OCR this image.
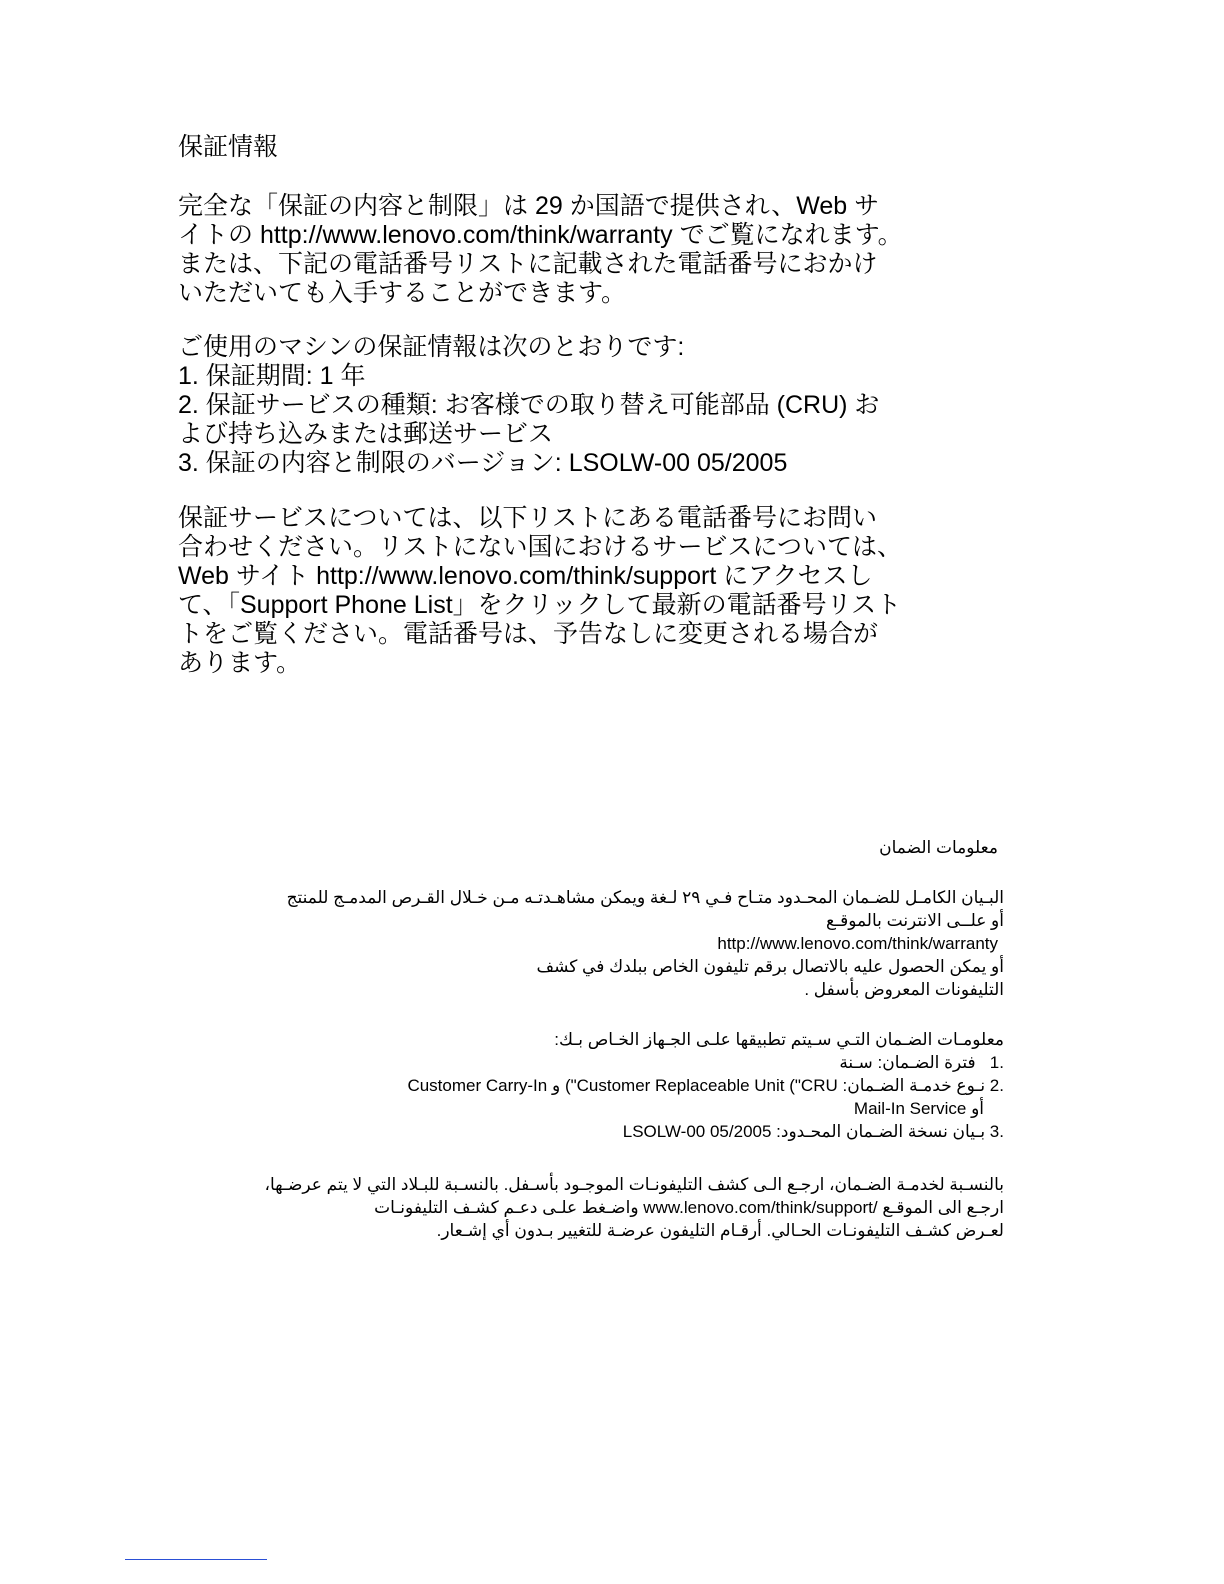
保証情報

完全な「保証の内容と制限」は 29 か国語で提供され、Web サ

イトの http://www.lenovo.com/think/warranty でご覧になれます。

または、下記の電話番号リストに記載された電話番号におかけ

いただいても入手することができます。

ご使用のマシンの保証情報は次のとおりです:

1. 保証期間: 1 年

2. 保証サービスの種類: お客様での取り替え可能部品 (CRU) お

よび持ち込みまたは郵送サービス

3. 保証の内容と制限のバージョン: LSOLW-00 05/2005

保証サービスについては、以下リストにある電話番号にお問い

合わせください。リストにない国におけるサービスについては、

Web サイト http://www.lenovo.com/think/support にアクセスし

て、「Support Phone List」をクリックして最新の電話番号リスト

トをご覧ください。電話番号は、予告なしに変更される場合が

あります。

معلومات الضمان

البـيان الكامـل للضـمان المحـدود متـاح فـي ٢٩ لـغة ويمكن مشاهـدتـه مـن خـلال القـرص المدمـج للمنتج

أو علــى الانترنت بالموقـع

http://www.lenovo.com/think/warranty

أو يمكن الحصول عليه بالاتصال برقم تليفون الخاص ببلدك في كشف

التليفونات المعروض بأسفل .

معلومـات الضـمان التـي سـيتم تطبيقها علـى الجـهاز الخـاص بـك:

.1   فترة الضـمان: سـنة

.2 نـوع خدمـة الضـمان: ("Customer Replaceable Unit ("CRU و Customer Carry-In

أو Mail-In Service

.3 بـيان نسخة الضـمان المحـدود: LSOLW-00 05/2005

بالنسـبة لخدمـة الضـمان، ارجـع الـى كشف التليفونـات الموجـود بأسـفل. بالنسـبة للبـلاد التي لا يتم عرضـها،

ارجـع الى الموقـع /www.lenovo.com/think/support واضـغط علـى دعـم كشـف التليفونـات

لعـرض كشـف التليفونـات الحـالي. أرقـام التليفون عرضـة للتغيير بـدون أي إشـعار.
